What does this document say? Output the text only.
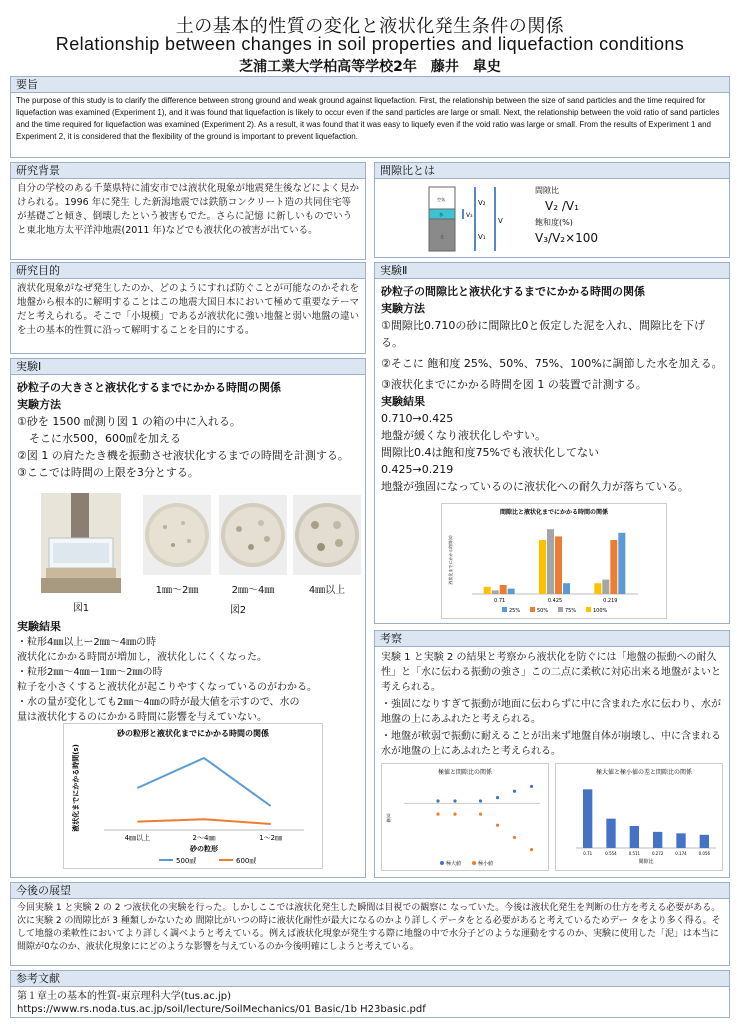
土の基本的性質の変化と液状化発生条件の関係
Relationship between changes in soil properties and liquefaction conditions
芝浦工業大学柏高等学校2年　藤井　皐史
要旨
The purpose of this study is to clarify the difference between strong ground and weak ground against liquefaction. First, the relationship between the size of sand particles and the time required for liquefaction was examined (Experiment 1), and it was found that liquefaction is likely to occur even if the sand particles are large or small. Next, the relationship between the void ratio of sand particles and the time required for liquefaction was examined (Experiment 2). As a result, it was found that it was easy to liquefy even if the void ratio was large or small. From the results of Experiment 1 and Experiment 2, it is considered that the flexibility of the ground is important to prevent liquefaction.
研究背景
自分の学校のある千葉県特に浦安市では液状化現象が地震発生後などによく見かけられる。1996 年に発生 した新潟地震では鉄筋コンクリート造の共同住宅等が基礎ごと傾き、倒壊したという被害もでた。さらに記憶 に新しいものでいうと東北地方太平洋沖地震(2011 年)などでも液状化の被害が出ている。
研究目的
液状化現象がなぜ発生したのか、どのようにすれば防ぐことが可能なのかそれを地盤から根本的に解明することはこの地震大国日本において極めて重要なテーマだと考えられる。そこで「小規模」であるが液状化に強い地盤と弱い地盤の違いを土の基本的性質に沿って解明することを目的にする。
実験Ⅰ
砂粒子の大きさと液状化するまでにかかる時間の関係
実験方法
①砂を 1500 ㎖測り図 1 の箱の中に入れる。
そこに水500，600㎖を加える
②図 1 の肩たたき機を振動させ液状化するまでの時間を計測する。
③ここでは時間の上限を3分とする。
図1
1㎜～2㎜	2㎜～4㎜	4㎜以上
図2
実験結果
・粒形4㎜以上ー2㎜～4㎜の時
液状化にかかる時間が増加し，液状化しにくくなった。
・粒形2㎜～4㎜ー1㎜～2㎜の時
粒子を小さくすると液状化が起こりやすくなっているのがわかる。
・水の量が変化しても2㎜～4㎜の時が最大値を示すので、水の
量は液状化するのにかかる時間に影響を与えていない。
砂の粒形と液状化までにかかる時間の関係
液状化までにかかる時間(s)
4㎜以上	2～4㎜	1～2㎜
砂の粒形
500㎖	600㎖
間隙比とは
空気
水
土
V₃
V₂
V₁
V
間隙比
V₂ /V₁
飽和度(%)
V₃/V₂×100
実験Ⅱ
砂粒子の間隙比と液状化するまでにかかる時間の関係
実験方法
①間隙比0.710の砂に間隙比0と仮定した泥を入れ、間隙比を下げる。
②そこに 飽和度 25%、50%、75%、100%に調節した水を加える。
③液状化までにかかる時間を図 1 の装置で計測する。
実験結果
0.710→0.425
地盤が緩くなり液状化しやすい。
間隙比0.4は飽和度75%でも液状化してない
0.425→0.219
地盤が強固になっているのに液状化への耐久力が落ちている。
間隙比と液状化までにかかる時間の関係
液状化までにかかる時間(s)
0.71	0.425	0.219
25%	50%	75%	100%
考察
実験 1 と実験 2 の結果と考察から液状化を防ぐには「地盤の振動への耐久性」と「水に伝わる振動の強さ」この二点に柔軟に対応出来る地盤がよいと考えられる。
・強固になりすぎて振動が地面に伝わらずに中に含まれた水に伝わり、水が地盤の上にあふれたと考えられる。
・地盤が軟弱で振動に耐えることが出来ず地盤自体が崩壊し、中に含まれる水が地盤の上にあふれたと考えられる。
極値と間隙比の関係
値(s)
極大値	極小値
極大値と極小値の差と間隙比の関係
0.71	0.554	0.511	0.272	0.174	0.056
間隙比
今後の展望
今回実験 1 と実験 2 の 2 つ液状化の実験を行った。しかしここでは液状化発生した瞬間は目視での観察に なっていた。今後は液状化発生を判断の仕方を考える必要がある。次に実験 2 の間隙比が 3 種類しかないため 間隙比がいつの時に液状化耐性が最大になるのかより詳しくデータをとる必要があると考えているためデー タをより多く得る。そして地盤の柔軟性においてより詳しく調べようと考えている。例えば液状化現象が発生する際に地盤の中で水分子どのような運動をするのか、実験に使用した「泥」は本当に間隙が0なのか、液状化現象ににどのような影響を与えているのか今後明確にしようと考えている。
参考文献
第１章土の基本的性質-東京理科大学(tus.ac.jp)
https://www.rs.noda.tus.ac.jp/soil/lecture/SoilMechanics/01 Basic/1b H23basic.pdf
